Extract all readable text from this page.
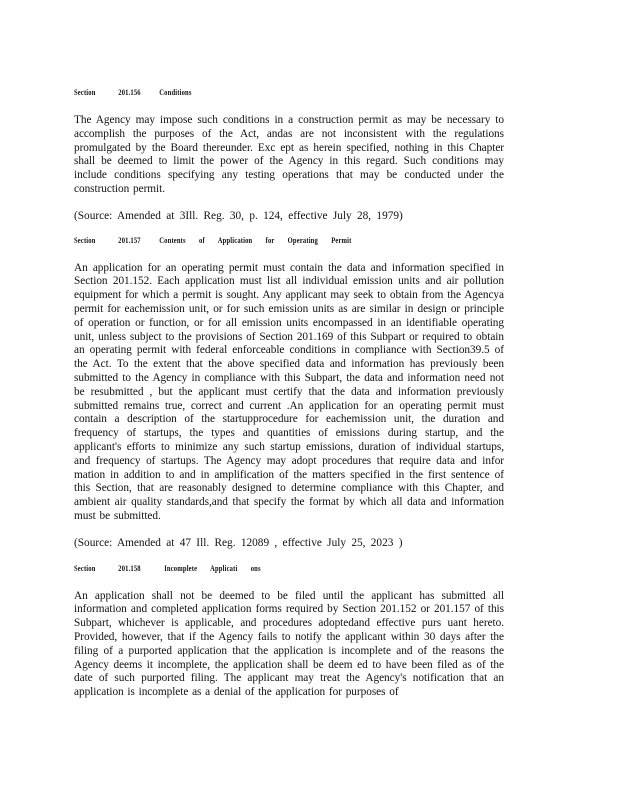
Section	201.156 Conditions

The Agency may impose such conditions in a construction permit as may be necessary to accomplish the purposes of the Act, andas are not inconsistent with the regulations promulgated by the Board thereunder. Exc ept as herein specified, nothing in this Chapter shall be deemed to limit the power of the Agency in this regard. Such conditions may include conditions specifying any testing operations that may be conducted under the construction permit.

(Source: Amended at 3Ill. Reg. 30, p. 124, effective July 28, 1979)

Section	201.157 Contents of Application for Operating Permit

An application for an operating permit must contain the data and information specified in Section 201.152. Each application must list all individual emission units and air pollution equipment for which a permit is sought. Any applicant may seek to obtain from the Agencya permit for eachemission unit, or for such emission units as are similar in design or principle of operation or function, or for all emission units encompassed in an identifiable operating unit, unless subject to the provisions of Section 201.169 of this Subpart or required to obtain an operating permit with federal enforceable conditions in compliance with Section39.5 of the Act. To the extent that the above specified data and information has previously been submitted to the Agency in compliance with this Subpart, the data and information need not be resubmitted , but the applicant must certify that the data and information previously submitted remains true, correct and current .An application for an operating permit must contain a description of the startupprocedure for eachemission unit, the duration and frequency of startups, the types and quantities of emissions during startup, and the applicant's efforts to minimize any such startup emissions, duration of individual startups, and frequency of startups. The Agency may adopt procedures that require data and infor mation in addition to and in amplification of the matters specified in the first sentence of this Section, that are reasonably designed to determine compliance with this Chapter, and ambient air quality standards,and that specify the format by which all data and information must be submitted.

(Source: Amended at 47 Ill. Reg. 12089 , effective July 25, 2023 )

Section	201.158	Incomplete Applicati ons

An application shall not be deemed to be filed until the applicant has submitted all information and completed application forms required by Section 201.152 or 201.157 of this Subpart, whichever is applicable, and procedures adoptedand effective purs uant hereto. Provided, however, that if the Agency fails to notify the applicant within 30 days after the filing of a purported application that the application is incomplete and of the reasons the Agency deems it incomplete, the application shall be deem ed to have been filed as of the date of such purported filing. The applicant may treat the Agency's notification that an application is incomplete as a denial of the application for purposes of
